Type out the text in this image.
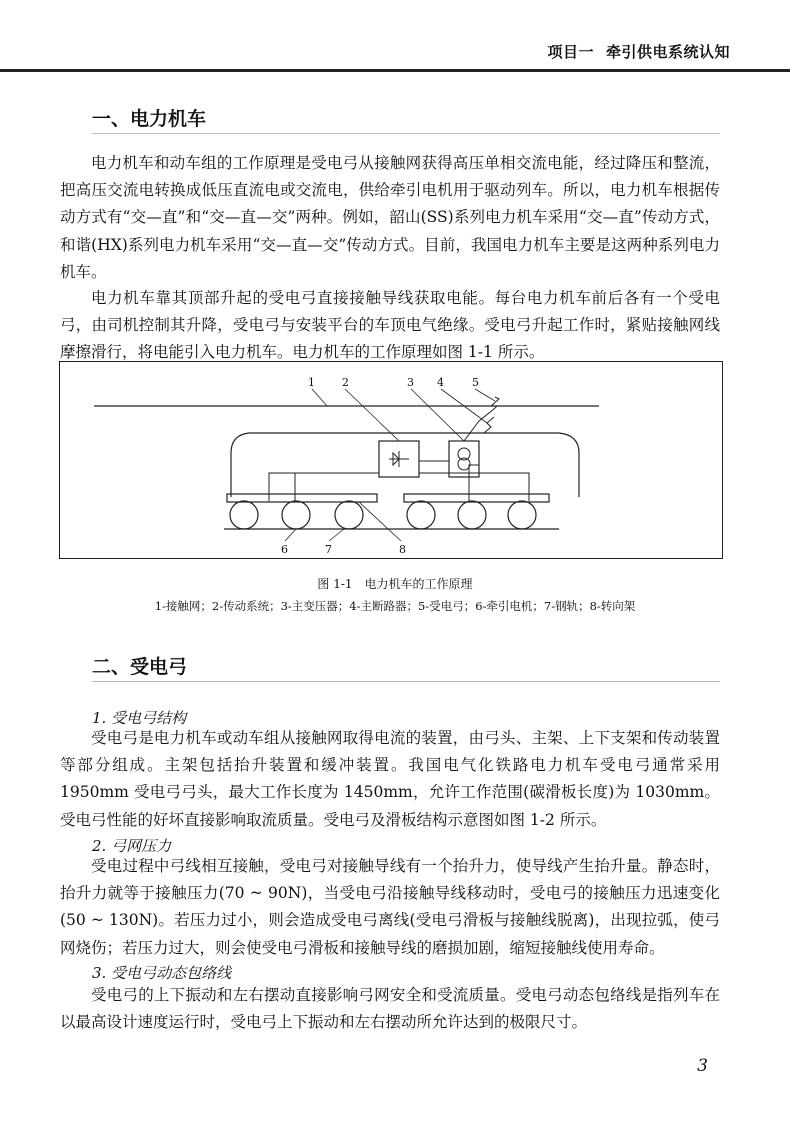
项目一 牵引供电系统认知
一、电力机车

电力机车和动车组的工作原理是受电弓从接触网获得高压单相交流电能，经过降压和整流，把高压交流电转换成低压直流电或交流电，供给牵引电机用于驱动列车。所以，电力机车根据传动方式有“交—直”和“交—直—交”两种。例如，韶山(SS)系列电力机车采用“交—直”传动方式，和谐(HX)系列电力机车采用“交—直—交”传动方式。目前，我国电力机车主要是这两种系列电力机车。

电力机车靠其顶部升起的受电弓直接接触导线获取电能。每台电力机车前后各有一个受电弓，由司机控制其升降，受电弓与安装平台的车顶电气绝缘。受电弓升起工作时，紧贴接触网线摩擦滑行，将电能引入电力机车。电力机车的工作原理如图 1-1 所示。

1 2	3 4	5
6	7	8
图 1-1　电力机车的工作原理
1-接触网；2-传动系统；3-主变压器；4-主断路器；5-受电弓；6-牵引电机；7-钢轨；8-转向架
二、受电弓
1. 受电弓结构

受电弓是电力机车或动车组从接触网取得电流的装置，由弓头、主架、上下支架和传动装置等部分组成。主架包括抬升装置和缓冲装置。我国电气化铁路电力机车受电弓通常采用 1950mm 受电弓弓头，最大工作长度为 1450mm，允许工作范围(碳滑板长度)为 1030mm。受电弓性能的好坏直接影响取流质量。受电弓及滑板结构示意图如图 1-2 所示。

2. 弓网压力

受电过程中弓线相互接触，受电弓对接触导线有一个抬升力，使导线产生抬升量。静态时，抬升力就等于接触压力(70 ~ 90N)，当受电弓沿接触导线移动时，受电弓的接触压力迅速变化(50 ~ 130N)。若压力过小，则会造成受电弓离线(受电弓滑板与接触线脱离)，出现拉弧，使弓网烧伤；若压力过大，则会使受电弓滑板和接触导线的磨损加剧，缩短接触线使用寿命。

3. 受电弓动态包络线

受电弓的上下振动和左右摆动直接影响弓网安全和受流质量。受电弓动态包络线是指列车在以最高设计速度运行时，受电弓上下振动和左右摆动所允许达到的极限尺寸。

3
